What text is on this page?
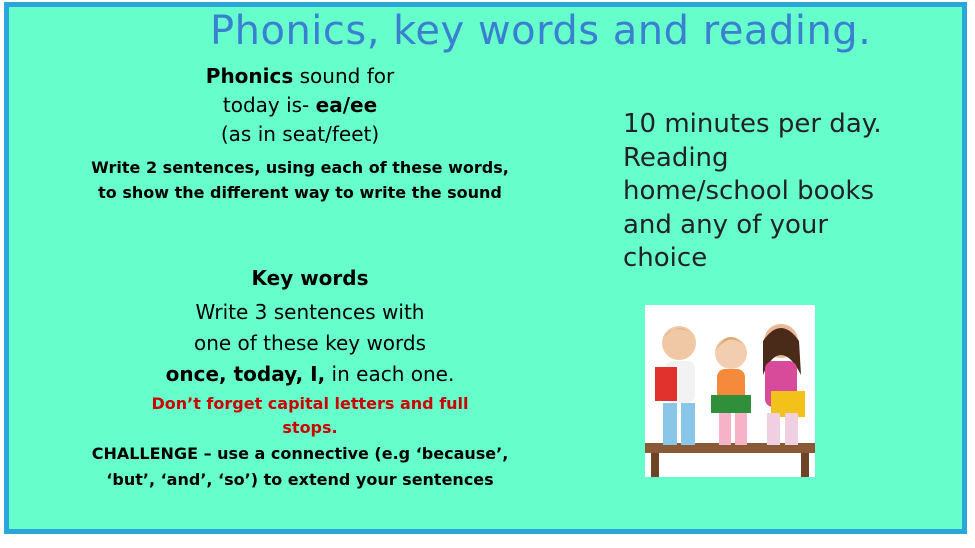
Phonics, key words and reading.
Phonics sound for
today is- ea/ee
(as in seat/feet)
Write 2 sentences, using each of these words, to show the different way to write the sound
Key words
Write 3 sentences with
one of these key words
once, today, I, in each one.
Don’t forget capital letters and full stops.
CHALLENGE – use a connective (e.g ‘because’, ‘but’, ‘and’, ‘so’) to extend your sentences
10 minutes per day. Reading home/school books and any of your choice
